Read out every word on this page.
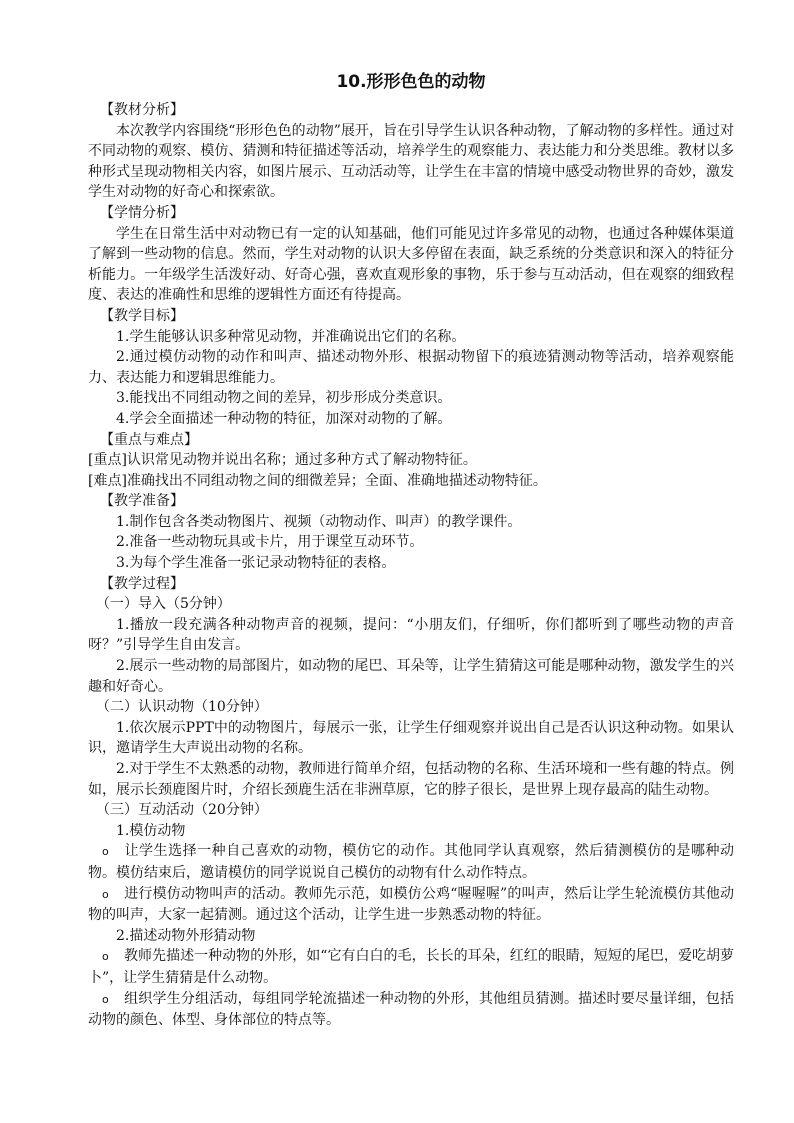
10.形形色色的动物

【教材分析】

本次教学内容围绕“形形色色的动物”展开，旨在引导学生认识各种动物，了解动物的多样性。通过对不同动物的观察、模仿、猜测和特征描述等活动，培养学生的观察能力、表达能力和分类思维。教材以多种形式呈现动物相关内容，如图片展示、互动活动等，让学生在丰富的情境中感受动物世界的奇妙，激发学生对动物的好奇心和探索欲。

【学情分析】

学生在日常生活中对动物已有一定的认知基础，他们可能见过许多常见的动物，也通过各种媒体渠道了解到一些动物的信息。然而，学生对动物的认识大多停留在表面，缺乏系统的分类意识和深入的特征分析能力。一年级学生活泼好动、好奇心强，喜欢直观形象的事物，乐于参与互动活动，但在观察的细致程度、表达的准确性和思维的逻辑性方面还有待提高。

【教学目标】

1.学生能够认识多种常见动物，并准确说出它们的名称。

2.通过模仿动物的动作和叫声、描述动物外形、根据动物留下的痕迹猜测动物等活动，培养观察能力、表达能力和逻辑思维能力。

3.能找出不同组动物之间的差异，初步形成分类意识。

4.学会全面描述一种动物的特征，加深对动物的了解。

【重点与难点】

[重点]认识常见动物并说出名称；通过多种方式了解动物特征。

[难点]准确找出不同组动物之间的细微差异；全面、准确地描述动物特征。

【教学准备】

1.制作包含各类动物图片、视频（动物动作、叫声）的教学课件。

2.准备一些动物玩具或卡片，用于课堂互动环节。

3.为每个学生准备一张记录动物特征的表格。

【教学过程】

（一）导入（5分钟）

1.播放一段充满各种动物声音的视频，提问：“小朋友们，仔细听，你们都听到了哪些动物的声音呀？”引导学生自由发言。

2.展示一些动物的局部图片，如动物的尾巴、耳朵等，让学生猜猜这可能是哪种动物，激发学生的兴趣和好奇心。

（二）认识动物（10分钟）

1.依次展示PPT中的动物图片，每展示一张，让学生仔细观察并说出自己是否认识这种动物。如果认识，邀请学生大声说出动物的名称。

2.对于学生不太熟悉的动物，教师进行简单介绍，包括动物的名称、生活环境和一些有趣的特点。例如，展示长颈鹿图片时，介绍长颈鹿生活在非洲草原，它的脖子很长，是世界上现存最高的陆生动物。

（三）互动活动（20分钟）

1.模仿动物

o 让学生选择一种自己喜欢的动物，模仿它的动作。其他同学认真观察，然后猜测模仿的是哪种动物。模仿结束后，邀请模仿的同学说说自己模仿的动物有什么动作特点。

o 进行模仿动物叫声的活动。教师先示范，如模仿公鸡“喔喔喔”的叫声，然后让学生轮流模仿其他动物的叫声，大家一起猜测。通过这个活动，让学生进一步熟悉动物的特征。

2.描述动物外形猜动物

o 教师先描述一种动物的外形，如“它有白白的毛，长长的耳朵，红红的眼睛，短短的尾巴，爱吃胡萝卜”，让学生猜猜是什么动物。

o 组织学生分组活动，每组同学轮流描述一种动物的外形，其他组员猜测。描述时要尽量详细，包括动物的颜色、体型、身体部位的特点等。
